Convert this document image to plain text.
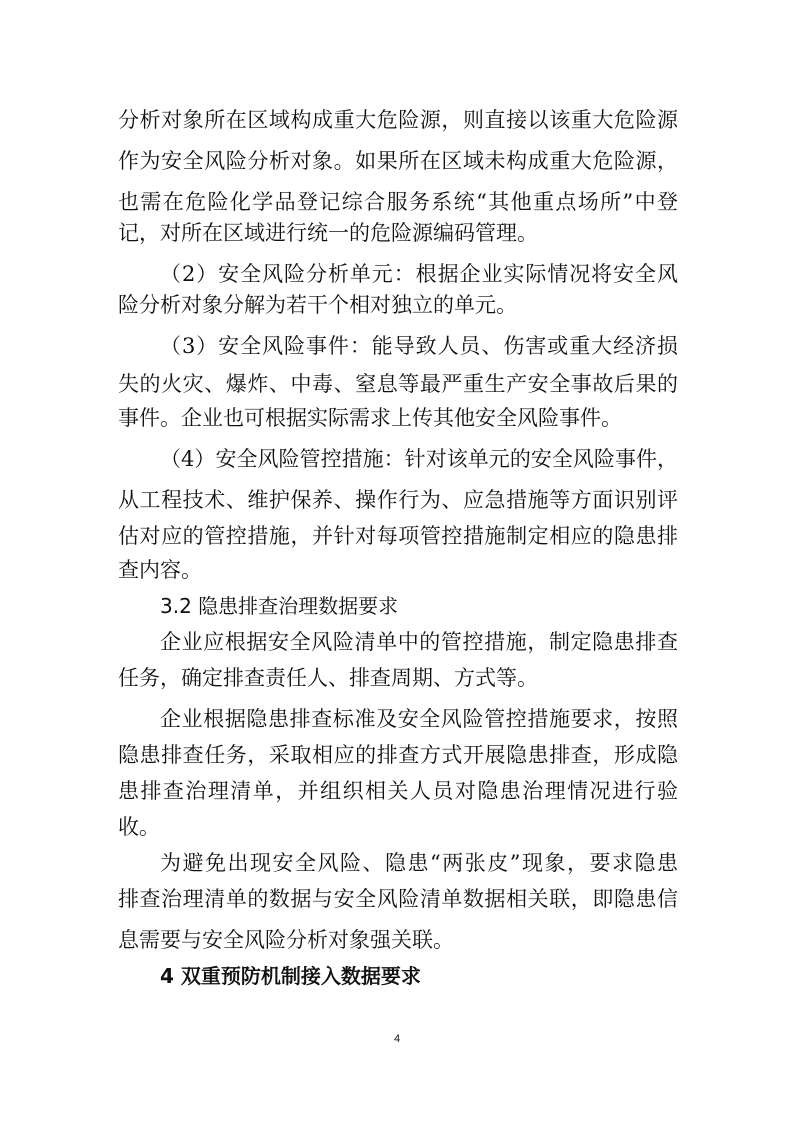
分析对象所在区域构成重大危险源，则直接以该重大危险源

作为安全风险分析对象。如果所在区域未构成重大危险源，

也需在危险化学品登记综合服务系统“其他重点场所”中登

记，对所在区域进行统一的危险源编码管理。

（2）安全风险分析单元：根据企业实际情况将安全风

险分析对象分解为若干个相对独立的单元。

（3）安全风险事件：能导致人员、伤害或重大经济损

失的火灾、爆炸、中毒、窒息等最严重生产安全事故后果的

事件。企业也可根据实际需求上传其他安全风险事件。

（4）安全风险管控措施：针对该单元的安全风险事件，

从工程技术、维护保养、操作行为、应急措施等方面识别评

估对应的管控措施，并针对每项管控措施制定相应的隐患排

查内容。

3.2 隐患排查治理数据要求

企业应根据安全风险清单中的管控措施，制定隐患排查

任务，确定排查责任人、排查周期、方式等。

企业根据隐患排查标准及安全风险管控措施要求，按照

隐患排查任务，采取相应的排查方式开展隐患排查，形成隐

患排查治理清单，并组织相关人员对隐患治理情况进行验

收。

为避免出现安全风险、隐患“两张皮”现象，要求隐患

排查治理清单的数据与安全风险清单数据相关联，即隐患信

息需要与安全风险分析对象强关联。

4 双重预防机制接入数据要求

4
